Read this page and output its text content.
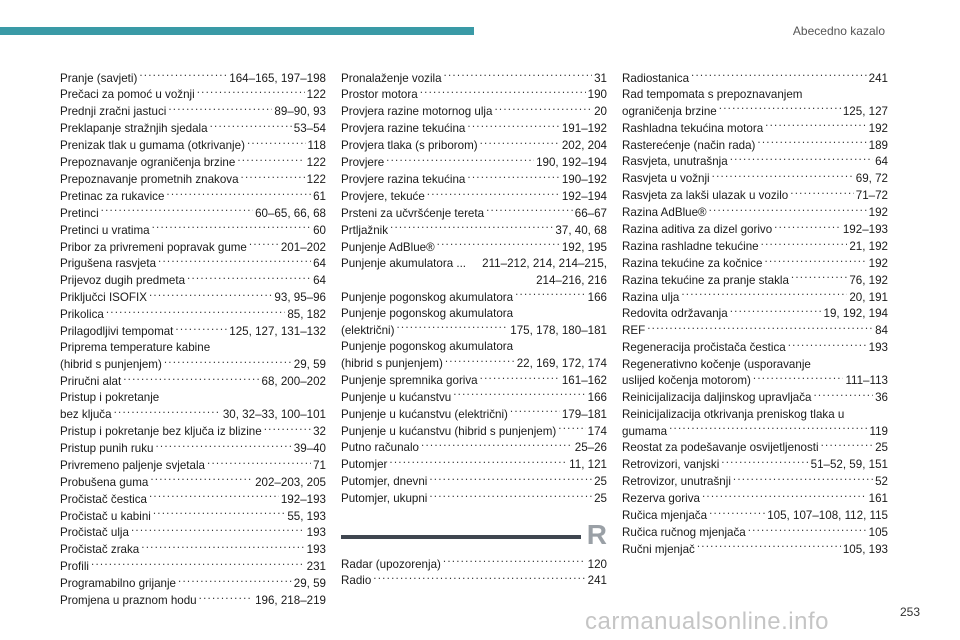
Abecedno kazalo
Pranje (savjeti) . . .	164–165, 197–198
Prečaci za pomoć u vožnji . . .	122
Prednji zračni jastuci . . .	89–90, 93
Preklapanje stražnjih sjedala . . .	53–54
Prenizak tlak u gumama (otkrivanje) . . .	118
Prepoznavanje ograničenja brzine . . .	122
Prepoznavanje prometnih znakova . . .	122
Pretinac za rukavice . . .	61
Pretinci . . .	60–65, 66, 68
Pretinci u vratima . . .	60
Pribor za privremeni popravak gume . . .	201–202
Prigušena rasvjeta . . .	64
Prijevoz dugih predmeta . . .	64
Priključci ISOFIX . . .	93, 95–96
Prikolica . . .	85, 182
Prilagodljivi tempomat . . .	125, 127, 131–132
Priprema temperature kabine
(hibrid s punjenjem) . . .	29, 59
Priručni alat . . .	68, 200–202
Pristup i pokretanje
bez ključa . . .	30, 32–33, 100–101
Pristup i pokretanje bez ključa iz blizine . . .	32
Pristup punih ruku . . .	39–40
Privremeno paljenje svjetala . . .	71
Probušena guma . . .	202–203, 205
Pročistač čestica . . .	192–193
Pročistač u kabini . . .	55, 193
Pročistač ulja . . .	193
Pročistač zraka . . .	193
Profili . . .	231
Programabilno grijanje . . .	29, 59
Promjena u praznom hodu . . .	196, 218–219
Pronalaženje vozila . . .	31
Prostor motora . . .	190
Provjera razine motornog ulja . . .	20
Provjera razine tekućina . . .	191–192
Provjera tlaka (s priborom) . . .	202, 204
Provjere . . .	190, 192–194
Provjere razina tekućina . . .	190–192
Provjere, tekuće . . .	192–194
Prsteni za učvršćenje tereta . . .	66–67
Prtljažnik . . .	37, 40, 68
Punjenje AdBlue® . . .	192, 195
Punjenje akumulatora ... 211–212, 214, 214–215,
214–216, 216
Punjenje pogonskog akumulatora . . .	166
Punjenje pogonskog akumulatora
(električni) . . .	175, 178, 180–181
Punjenje pogonskog akumulatora
(hibrid s punjenjem) . . .	22, 169, 172, 174
Punjenje spremnika goriva . . .	161–162
Punjenje u kućanstvu . . .	166
Punjenje u kućanstvu (električni) . . .	179–181
Punjenje u kućanstvu (hibrid s punjenjem) . . .	174
Putno računalo . . .	25–26
Putomjer . . .	11, 121
Putomjer, dnevni . . .	25
Putomjer, ukupni . . .	25
R
Radar (upozorenja) . . .	120
Radio . . .	241
Radiostanica . . .	241
Rad tempomata s prepoznavanjem
ograničenja brzine . . .	125, 127
Rashladna tekućina motora . . .	192
Rasterećenje (način rada) . . .	189
Rasvjeta, unutrašnja . . .	64
Rasvjeta u vožnji . . .	69, 72
Rasvjeta za lakši ulazak u vozilo . . .	71–72
Razina AdBlue® . . .	192
Razina aditiva za dizel gorivo . . .	192–193
Razina rashladne tekućine . . .	21, 192
Razina tekućine za kočnice . . .	192
Razina tekućine za pranje stakla . . .	76, 192
Razina ulja . . .	20, 191
Redovita održavanja . . .	19, 192, 194
REF . . .	84
Regeneracija pročistača čestica . . .	193
Regenerativno kočenje (usporavanje
uslijed kočenja motorom) . . .	111–113
Reinicijalizacija daljinskog upravljača . . .	36
Reinicijalizacija otkrivanja preniskog tlaka u
gumama . . .	119
Reostat za podešavanje osvijetljenosti . . .	25
Retrovizori, vanjski . . .	51–52, 59, 151
Retrovizor, unutrašnji . . .	52
Rezerva goriva . . .	161
Ručica mjenjača . . .	105, 107–108, 112, 115
Ručica ručnog mjenjača . . .	105
Ručni mjenjač . . .	105, 193
carmanualsonline.info	253
